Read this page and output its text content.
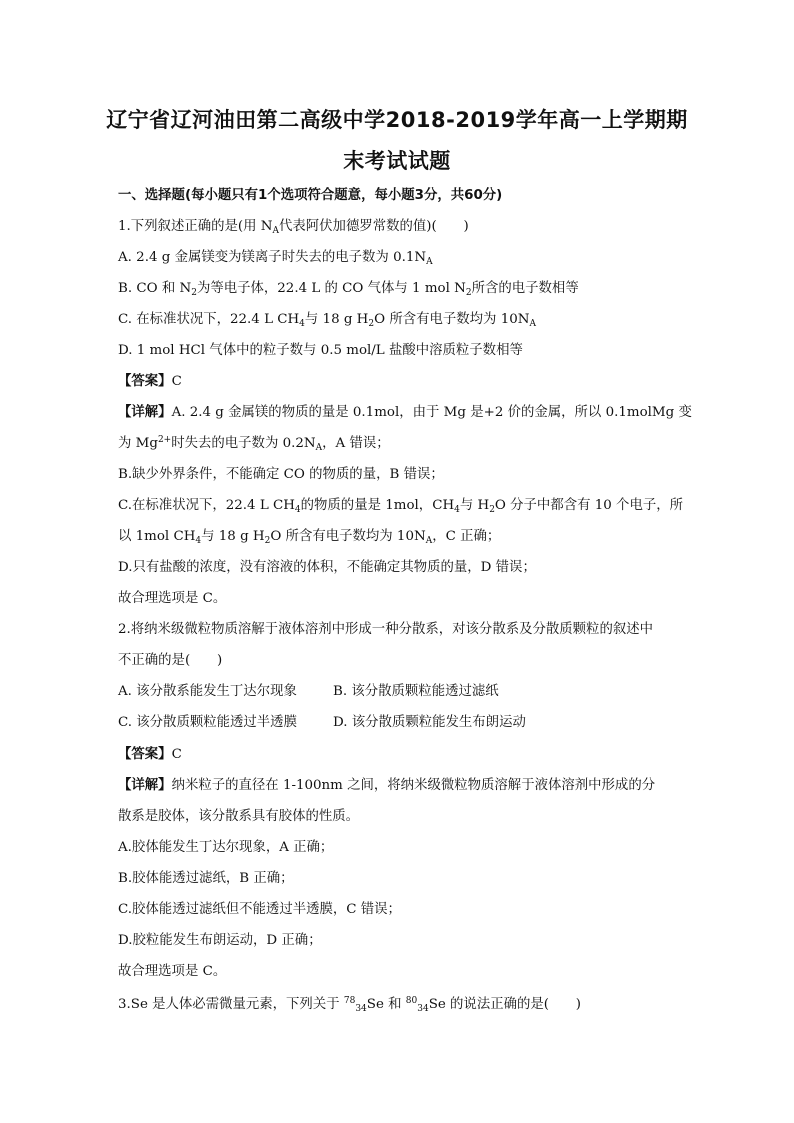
辽宁省辽河油田第二高级中学2018-2019学年高一上学期期
末考试试题
一、选择题(每小题只有1个选项符合题意，每小题3分，共60分)
1.下列叙述正确的是(用 $N_A$代表阿伏加德罗常数的值)(　　)
A. 2.4 g 金属镁变为镁离子时失去的电子数为 $0.1N_A$
B. CO 和 $N_2$为等电子体，22.4 L 的 CO 气体与 1 mol $N_2$所含的电子数相等
C. 在标准状况下，22.4 L $CH_4$与 18 g $H_2O$ 所含有电子数均为 $10N_A$
D. 1 mol HCl 气体中的粒子数与 0.5 mol/L 盐酸中溶质粒子数相等
【答案】C
【详解】A. 2.4 g 金属镁的物质的量是 0.1mol，由于 Mg 是+2 价的金属，所以 0.1molMg 变
为 $Mg^{2+}$时失去的电子数为 $0.2N_A$，A 错误；
B.缺少外界条件，不能确定 CO 的物质的量，B 错误；
C.在标准状况下，22.4 L $CH_4$的物质的量是 1mol，$CH_4$与 $H_2O$ 分子中都含有 10 个电子，所
以 1mol $CH_4$与 18 g $H_2O$ 所含有电子数均为 $10N_A$，C 正确；
D.只有盐酸的浓度，没有溶液的体积，不能确定其物质的量，D 错误；
故合理选项是 C。
2.将纳米级微粒物质溶解于液体溶剂中形成一种分散系，对该分散系及分散质颗粒的叙述中
不正确的是(　　)
A. 该分散系能发生丁达尔现象	B. 该分散质颗粒能透过滤纸
C. 该分散质颗粒能透过半透膜	D. 该分散质颗粒能发生布朗运动
【答案】C
【详解】纳米粒子的直径在 1-100nm 之间，将纳米级微粒物质溶解于液体溶剂中形成的分
散系是胶体，该分散系具有胶体的性质。
A.胶体能发生丁达尔现象，A 正确；
B.胶体能透过滤纸，B 正确；
C.胶体能透过滤纸但不能透过半透膜，C 错误；
D.胶粒能发生布朗运动，D 正确；
故合理选项是 C。
3.Se 是人体必需微量元素，下列关于 $^{78}_{34}$Se 和 $^{80}_{34}$Se 的说法正确的是(　　)
